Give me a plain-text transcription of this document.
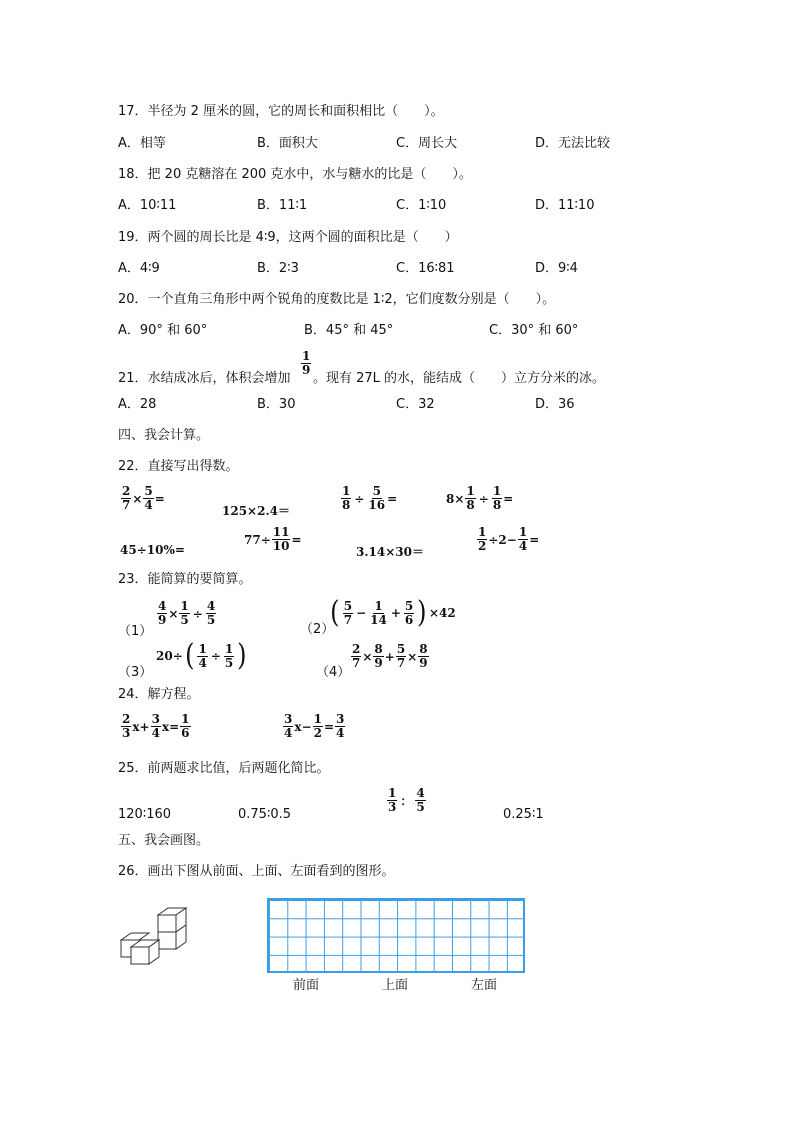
17．半径为 2 厘米的圆，它的周长和面积相比（　　）。
A．相等	B．面积大	C．周长大	D．无法比较
18．把 20 克糖溶在 200 克水中，水与糖水的比是（　　）。
A．10∶11	B．11∶1	C．1∶10	D．11∶10
19．两个圆的周长比是 4∶9，这两个圆的面积比是（　　）
A．4∶9	B．2∶3	C．16∶81	D．9∶4
20．一个直角三角形中两个锐角的度数比是 1∶2，它们度数分别是（　　）。
A．90° 和 60°	B．45° 和 45°	C．30° 和 60°
21．水结成冰后，体积会增加
1
9
。现有 27L 的水，能结成（　　）立方分米的冰。
A．28	B．30	C．32	D．36
四、我会计算。
22．直接写出得数。
$\frac{2}{7} \times \frac{5}{4}$ =
125×2.4＝	$\frac{1}{8} \div \frac{5}{16}$ =	$8\times \frac{1}{8} \div \frac{1}{8}$ =
45÷10%=
$77\div \frac{11}{10}$ =
3.14×30＝	$\frac{1}{2} \div 2- \frac{1}{4}$ =
23．能简算的要简算。
（1）
$\frac{4}{9} \times \frac{1}{5} \div \frac{4}{5}$
（2）
( 5
$7 - \frac{1}{14} + \frac{5}{6}$ ) ×42
20÷ ( $\frac{1}{4} \div \frac{1}{5}$ )
（3）	（4）
$\frac{2}{7} \times \frac{8}{9} + \frac{5}{7} \times \frac{8}{9}$
24．解方程。
2
3 $x+ \frac{3}{4} x= \frac{1}{6}$	3
4 $x- \frac{1}{2} = \frac{3}{4}$
25．前两题求比值，后两题化简比。
120∶160	0.75∶0.5
1
3 ：
4
5	0.25∶1
五、我会画图。
26．画出下图从前面、上面、左面看到的图形。
前面	上面	左面
